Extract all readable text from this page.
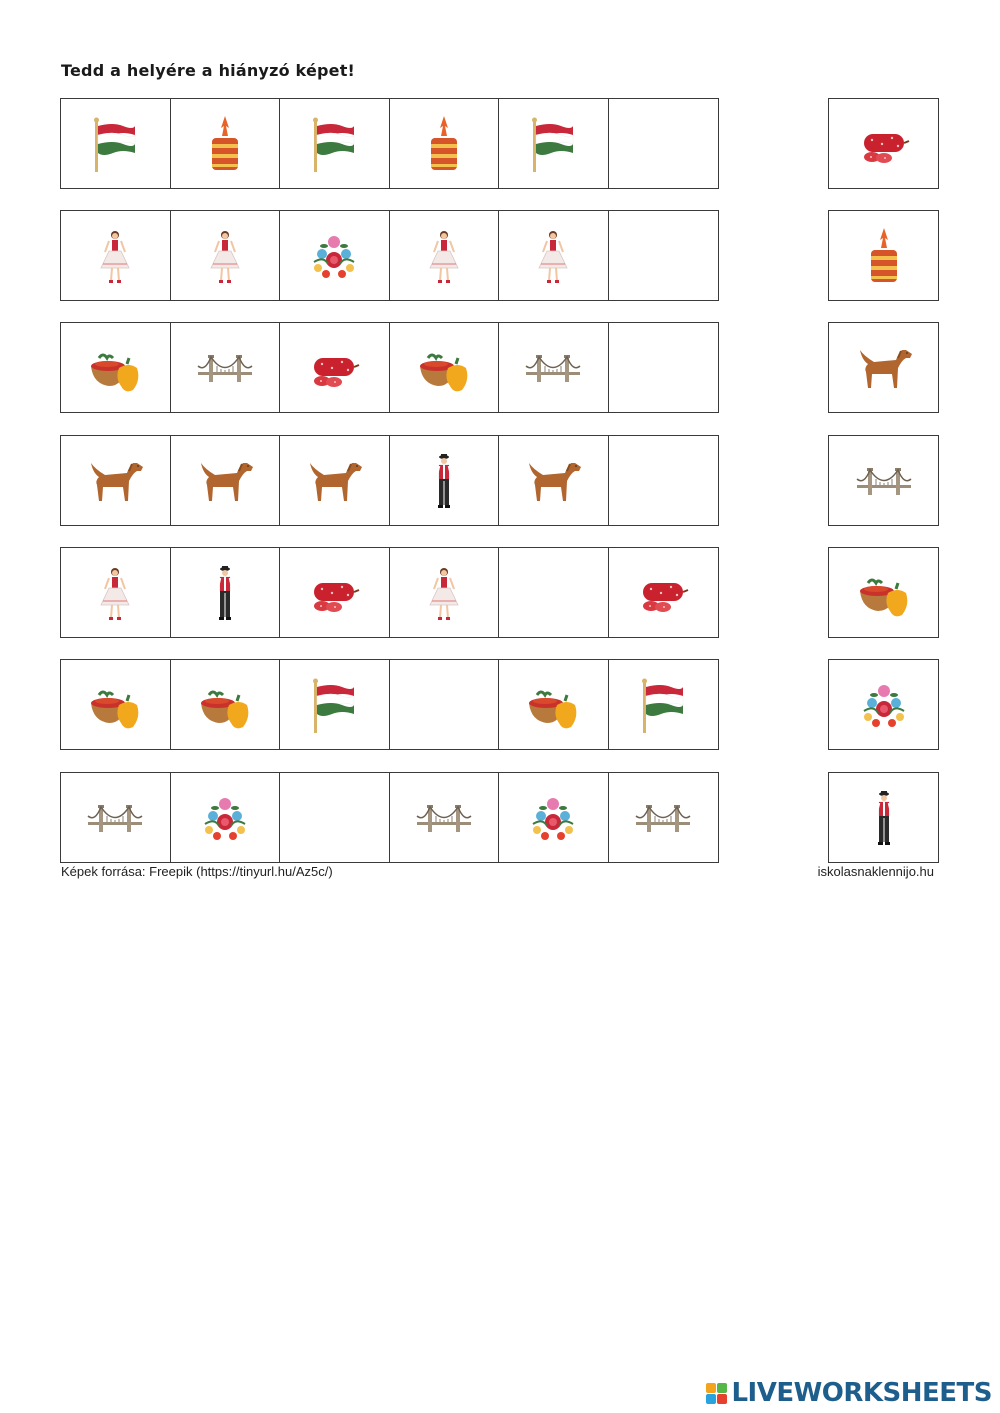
Tedd a helyére a hiányzó képet!
Képek forrása: Freepik (https://tinyurl.hu/Az5c/)	iskolasnaklennijo.hu
LIVEWORKSHEETS
